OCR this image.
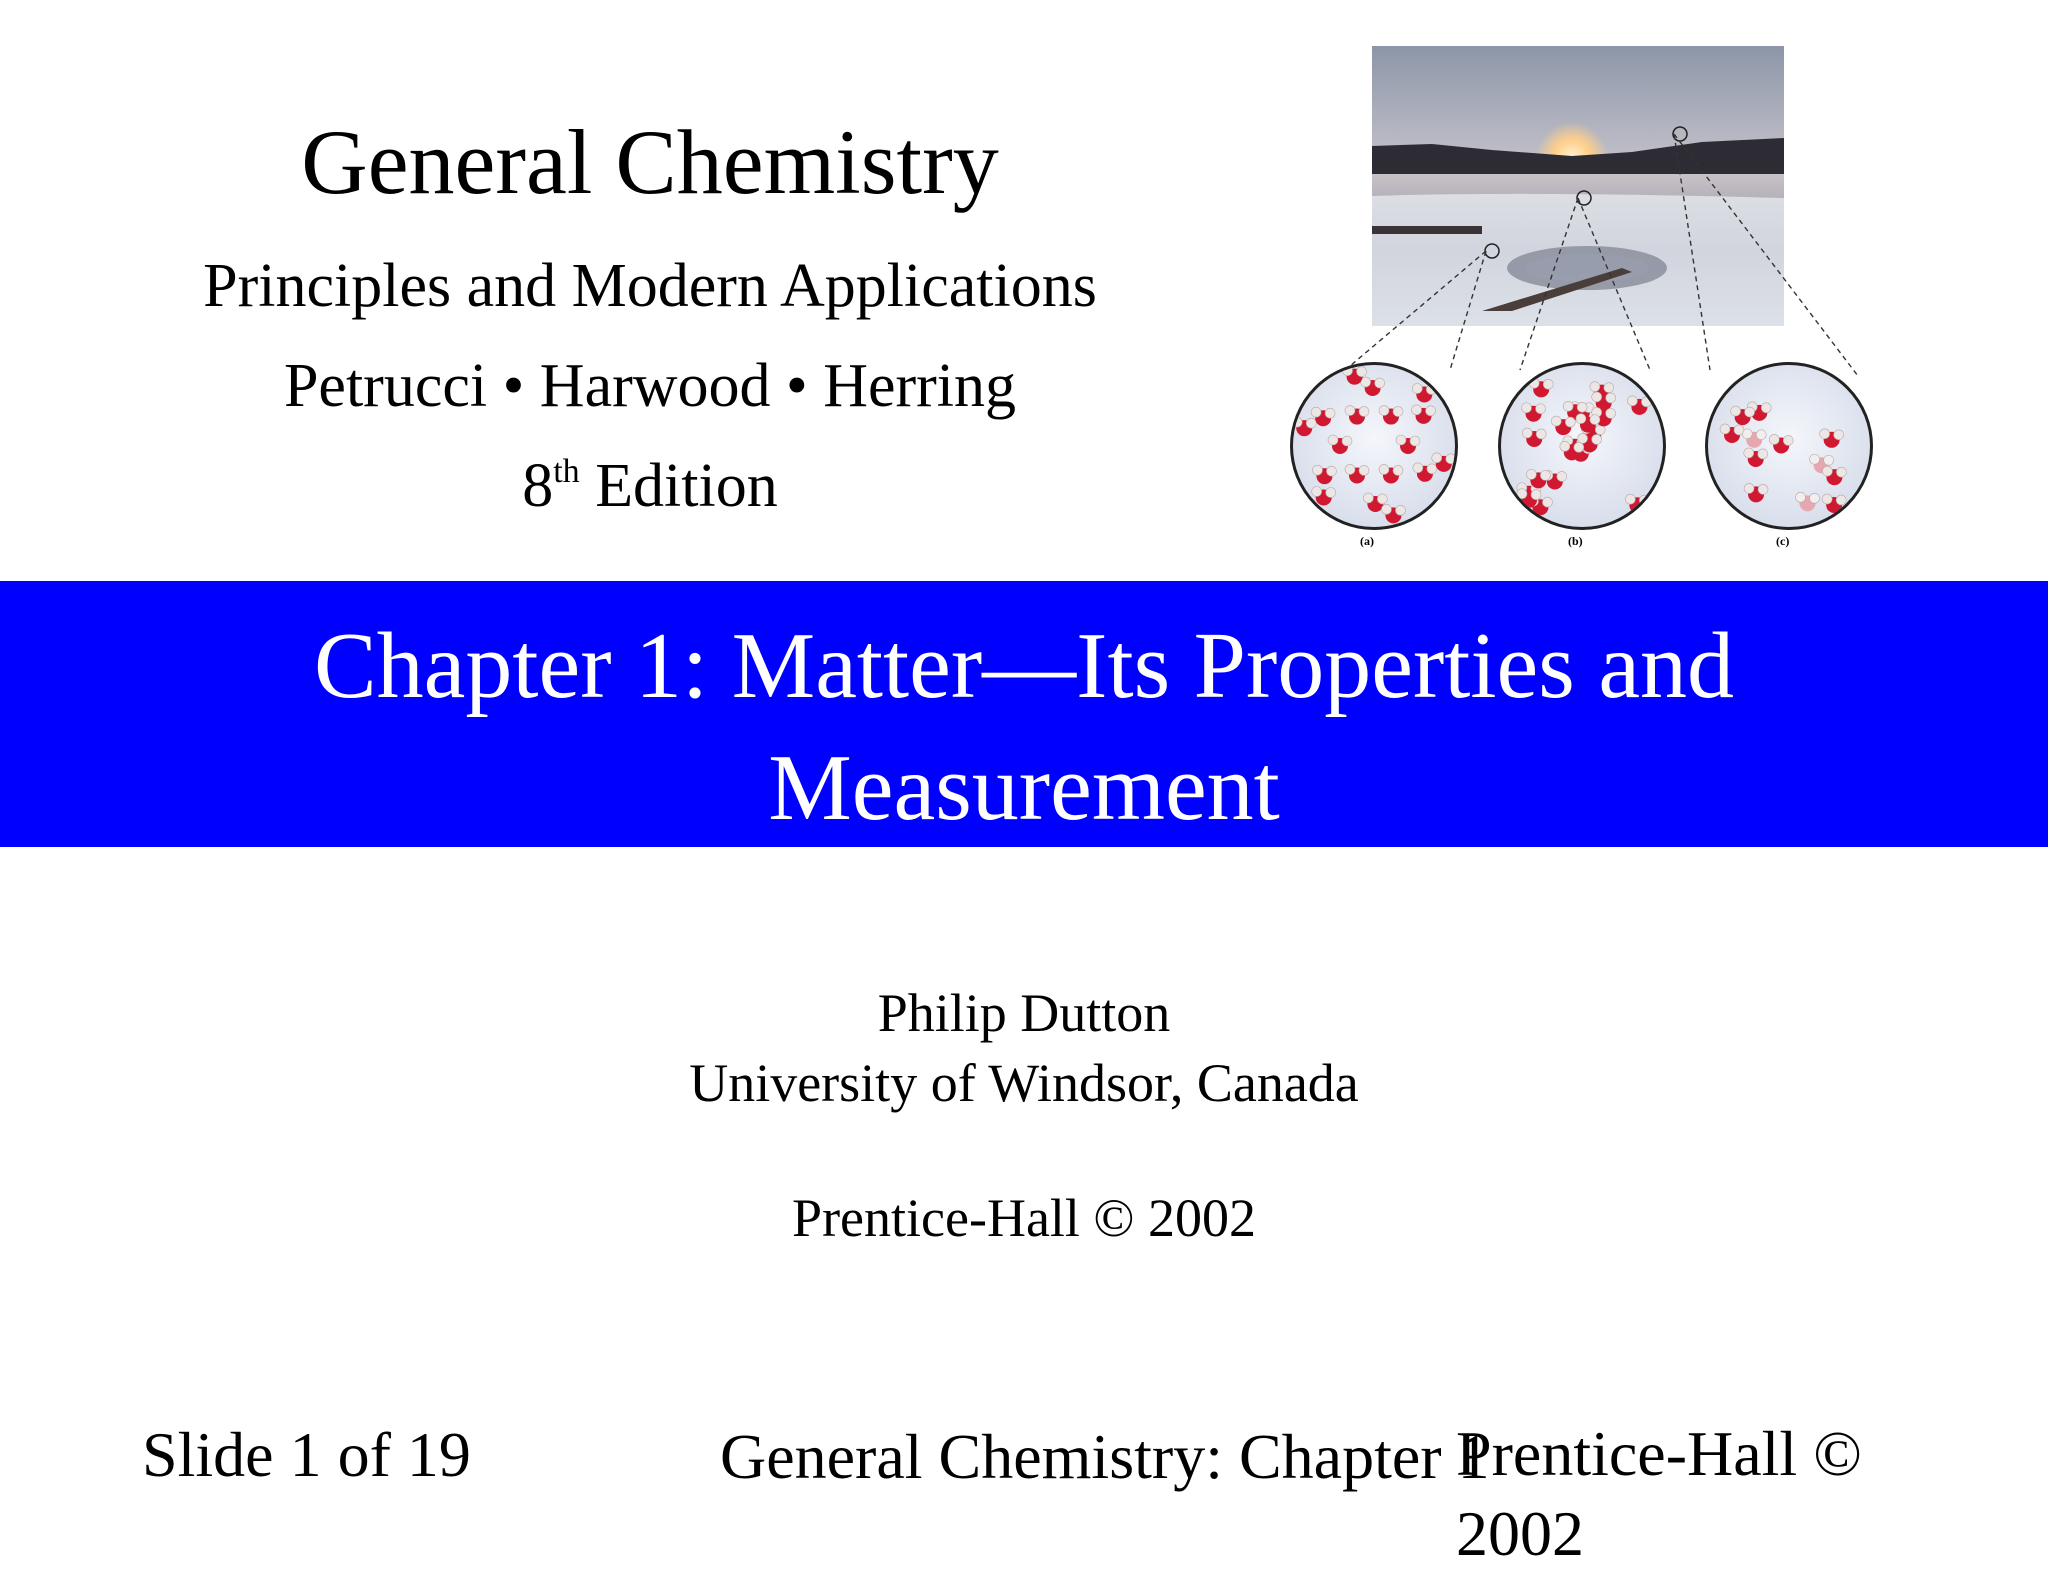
General Chemistry
Principles and Modern Applications
Petrucci • Harwood • Herring
8th Edition
(a)	(b)	(c)
Chapter 1: Matter—Its Properties and
Measurement
Philip Dutton
University of Windsor, Canada
Prentice-Hall © 2002
Slide 1 of 19	General Chemistry: Chapter 1
Prentice-Hall ©
2002
